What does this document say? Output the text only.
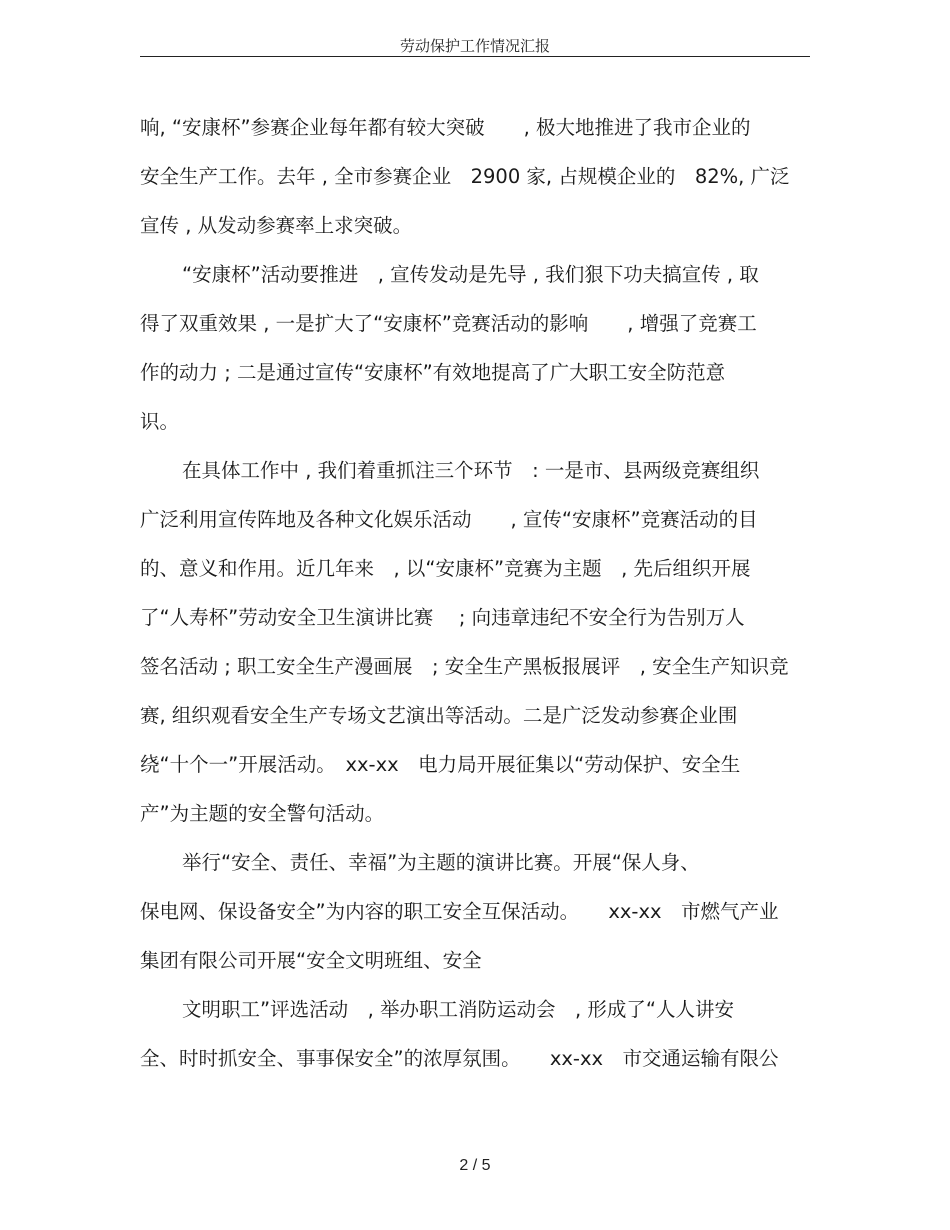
劳动保护工作情况汇报
响, “安康杯”参赛企业每年都有较大突破　　, 极大地推进了我市企业的
安全生产工作。去年 , 全市参赛企业　2900 家, 占规模企业的　82%, 广泛
宣传 , 从发动参赛率上求突破。
“安康杯”活动要推进　, 宣传发动是先导 , 我们狠下功夫搞宣传 , 取
得了双重效果 , 一是扩大了“安康杯”竞赛活动的影响　　, 增强了竞赛工
作的动力 ; 二是通过宣传“安康杯”有效地提高了广大职工安全防范意
识。
在具体工作中 , 我们着重抓注三个环节　: 一是市、县两级竞赛组织
广泛利用宣传阵地及各种文化娱乐活动　　, 宣传“安康杯”竞赛活动的目
的、意义和作用。近几年来　, 以“安康杯”竞赛为主题　, 先后组织开展
了“人寿杯”劳动安全卫生演讲比赛　 ; 向违章违纪不安全行为告别万人
签名活动 ; 职工安全生产漫画展　; 安全生产黑板报展评　, 安全生产知识竞
赛, 组织观看安全生产专场文艺演出等活动。二是广泛发动参赛企业围
绕“十个一”开展活动。　xx-xx　电力局开展征集以“劳动保护、安全生
产”为主题的安全警句活动。
举行“安全、责任、幸福”为主题的演讲比赛。开展“保人身、
保电网、保设备安全”为内容的职工安全互保活动。　　xx-xx　市燃气产业
集团有限公司开展“安全文明班组、安全
文明职工”评选活动　, 举办职工消防运动会　, 形成了“人人讲安
全、时时抓安全、事事保安全”的浓厚氛围。　　xx-xx　市交通运输有限公
2 / 5
